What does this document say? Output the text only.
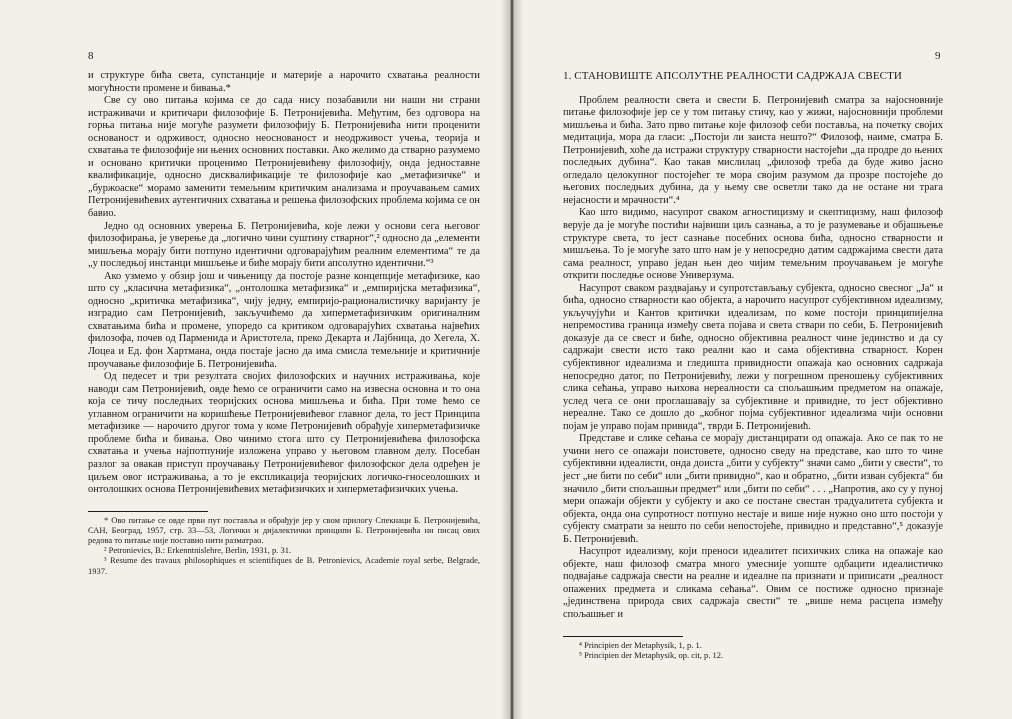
8

и структуре бића света, супстанције и материје а нарочито схватања реалности могућности промене и бивања.*

Све су ово питања којима се до сада нису позабавили ни наши ни страни истраживачи и критичари филозофије Б. Петронијевића. Међутим, без одговора на горња питања није могуће разумети филозофију Б. Петронијевића нити проценити основаност и одрживост, односно неоснованост и неодрживост учења, теорија и схватања те филозофије ни њених основних поставки. Ако желимо да стварно разумемо и основано критички проценимо Петронијевићеву филозофију, онда једноставне квалификације, односно дисквалификације те филозофије као „метафизичке“ и „буржоаске“ морамо заменити темељним критичким анализама и проучавањем самих Петронијевићевих аутентичних схватања и решења филозофских проблема којима се он бавио.

Једно од основних уверења Б. Петронијевића, које лежи у основи сега његовог филозофирања, је уверење да „логично чини суштину стварног“,² односно да „елементи мишљења морају бити потпуно идентични одговарајућим реалним елементима“ те да „у последњој инстанци мишљење и биће морају бити апсолутно идентични.“³

Ако узмемо у обзир још и чињеницу да постоје разне концепције метафизике, као што су „класична метафизика“, „онтолошка метафизика“ и „емпиријска метафизика“, односно „критичка метафизика“, чију једну, емпиријо-рационалистичку варијанту је изградио сам Петронијевић, закључићемо да хиперметафизичким оригиналним схватањима бића и промене, упоредо са критиком одговарајућих схватања највећих филозофа, почев од Парменида и Аристотела, преко Декарта и Лајбница, до Хегела, Х. Лоцеа и Ед. фон Хартмана, онда постаје јасно да има смисла темељније и критичније проучавање филозофије Б. Петронијевића.

Од педесет и три резултата својих филозофских и научних истраживања, које наводи сам Петронијевић, овде ћемо се ограничити само на извесна основна и то она која се тичу последњих теоријских основа мишљења и бића. При томе ћемо се углавном ограничити на коришћење Петронијевићевог главног дела, то јест Принципа метафизике — нарочито другог тома у коме Петронијевић обрађује хиперметафизичке проблеме бића и бивања. Ово чинимо стога што су Петронијевићева филозофска схватања и учења најпотпуније изложена управо у његовом главном делу. Посебан разлог за овакав приступ проучавању Петронијевићевог филозофског дела одређен је циљем овог истраживања, а то је експликација теоријских логичко-гносеолошких и онтолошких основа Петронијевићевих метафизичких и хиперметафизичких учења.

* Ово питање се овде први пут поставља и обрађује јер у свом прилогу Спекнаци Б. Петронијевића, САН, Београд, 1957, стр. 33—53, Логички и дијалектички принципи Б. Петронијевића ни писац ових редова то питање није поставио нити разматрао.

² Petronievics, B.: Erkenntnislehre, Berlin, 1931, p. 31.

³ Resume des travaux philosophiques et scientifiques de B. Petronievics, Academie royal serbe, Belgrade, 1937.

9
1. СТАНОВИШТЕ АПСОЛУТНЕ РЕАЛНОСТИ САДРЖАЈА СВЕСТИ

Проблем реалности света и свести Б. Петронијевић сматра за најосновније питање филозофије јер се у том питању стичу, као у жижи, најосновнији проблеми мишљења и бића. Зато прво питање које филозоф себи поставља, на почетку својих медитација, мора да гласи: „Постоји ли заиста нешто?“ Филозоф, наиме, сматра Б. Петронијевић, хоће да истражи структуру стварности настојећи „да продре до њених последњих дубина“. Као такав мислилац „филозоф треба да буде живо јасно огледало целокупног постојећег те мора својим разумом да прозре постојеће до његових последњих дубина, да у њему све осветли тако да не остане ни трага нејасности и мрачности“.⁴

Као што видимо, насупрот сваком агностицизму и скептицизму, наш филозоф верује да је могуће постићи највиши циљ сазнања, а то је разумевање и објашњење структуре света, то јест сазнање посебних основа бића, односно стварности и мишљења. То је могуће зато што нам је у непосредно датим садржајима свести дата сама реалност, управо један њен део чијим темељним проучавањем је могуће открити последње основе Универзума.

Насупрот сваком раздвајању и супротстављању субјекта, односно свесног „Ја“ и бића, односно стварности као објекта, а нарочито насупрот субјективном идеализму, укључујући и Кантов критички идеализам, по коме постоји принципијелна непремостива граница између света појава и света ствари по себи, Б. Петронијевић доказује да се свест и биће, односно објективна реалност чине јединство и да су садржаји свести исто тако реални као и сама објективна стварност. Корен субјективног идеализма и гледишта привидности опажаја као основних садржаја непосредно датог, по Петронијевићу, лежи у погрешном преношењу субјективних слика сећања, управо њихова нереалности са спољашњим предметом на опажаје, услед чега се они проглашавају за субјективне и привидне, то јест објективно нереалне. Тако се дошло до „кобног појма субјективног идеализма чији основни појам је управо појам привида“, тврди Б. Петронијевић.

Представе и слике сећања се морају дистанцирати од опажаја. Ако се пак то не учини него се опажаји поистовете, односно сведу на представе, као што то чине субјективни идеалисти, онда доиста „бити у субјекту“ значи само „бити у свести“, то јест „не бити по себи“ или „бити привидно“, као и обратно, „бити изван субјекта“ би значило „бити спољашњи предмет“ или „бити по себи“ . . . „Напротив, ако су у пуној мери опажаји објекти у субјекту и ако се постане свестан традуалитета субјекта и објекта, онда она супротност потпуно нестаје и више није нужно оно што постоји у субјекту сматрати за нешто по себи непостојеће, привидно и представно“,⁵ доказује Б. Петронијевић.

Насупрот идеализму, који преноси идеалитет психичких слика на опажаје као објекте, наш филозоф сматра много умесније уопште одбацити идеалистичко подвајање садржаја свести на реалне и идеалне па признати и приписати „реалност опажених предмета и сликама сећања“. Овим се постиже односно признаје „јединствена природа свих садржаја свести“ те „више нема расцепа између спољашњег и

⁴ Principien der Metaphysik, 1, p. 1.

⁵ Principien der Metaphysik, op. cit, p. 12.
